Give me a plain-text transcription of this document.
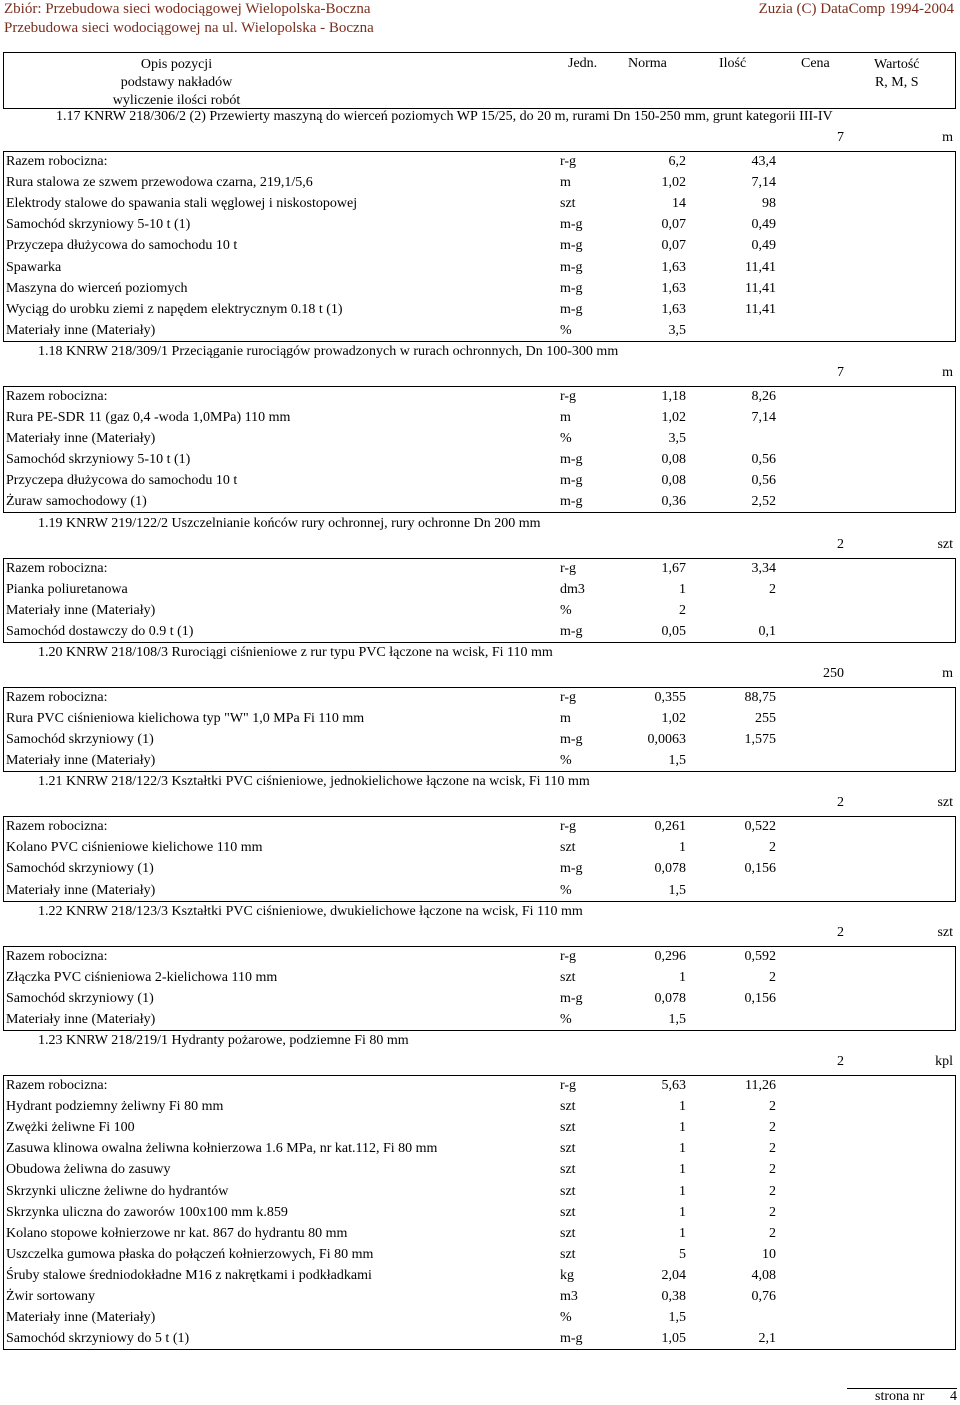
Zbiór: Przebudowa sieci wodociągowej Wielopolska-Boczna
Przebudowa sieci wodociągowej na ul. Wielopolska - Boczna
Zuzia (C) DataComp 1994-2004
Opis pozycji
podstawy nakładów
wyliczenie ilości robót
Jedn. Norma	Ilość	Cena	Wartość
R, M, S
1.17 KNRW 218/306/2 (2) Przewierty maszyną do wierceń poziomych WP 15/25, do 20 m, rurami Dn 150-250 mm, grunt kategorii III-IV
7	m
Razem robocizna:	r-g	6,2	43,4
Rura stalowa ze szwem przewodowa czarna, 219,1/5,6	m	1,02	7,14
Elektrody stalowe do spawania stali węglowej i niskostopowej	szt	14	98
Samochód skrzyniowy 5-10 t (1)	m-g	0,07	0,49
Przyczepa dłużycowa do samochodu 10 t	m-g	0,07	0,49
Spawarka	m-g	1,63	11,41
Maszyna do wierceń poziomych	m-g	1,63	11,41
Wyciąg do urobku ziemi z napędem elektrycznym 0.18 t (1)	m-g	1,63	11,41
Materiały inne (Materiały)	%	3,5
1.18 KNRW 218/309/1 Przeciąganie rurociągów prowadzonych w rurach ochronnych, Dn 100-300 mm
7	m
Razem robocizna:	r-g	1,18	8,26
Rura PE-SDR 11 (gaz 0,4 -woda 1,0MPa) 110 mm	m	1,02	7,14
Materiały inne (Materiały)	%	3,5
Samochód skrzyniowy 5-10 t (1)	m-g	0,08	0,56
Przyczepa dłużycowa do samochodu 10 t	m-g	0,08	0,56
Żuraw samochodowy (1)	m-g	0,36	2,52
1.19 KNRW 219/122/2 Uszczelnianie końców rury ochronnej, rury ochronne Dn 200 mm
2	szt
Razem robocizna:	r-g	1,67	3,34
Pianka poliuretanowa	dm3	1	2
Materiały inne (Materiały)	%	2
Samochód dostawczy do 0.9 t (1)	m-g	0,05	0,1
1.20 KNRW 218/108/3 Rurociągi ciśnieniowe z rur typu PVC łączone na wcisk, Fi 110 mm
250	m
Razem robocizna:	r-g	0,355	88,75
Rura PVC ciśnieniowa kielichowa typ "W" 1,0 MPa Fi 110 mm	m	1,02	255
Samochód skrzyniowy (1)	m-g	0,0063	1,575
Materiały inne (Materiały)	%	1,5
1.21 KNRW 218/122/3 Kształtki PVC ciśnieniowe, jednokielichowe łączone na wcisk, Fi 110 mm
2	szt
Razem robocizna:	r-g	0,261	0,522
Kolano PVC ciśnieniowe kielichowe 110 mm	szt	1	2
Samochód skrzyniowy (1)	m-g	0,078	0,156
Materiały inne (Materiały)	%	1,5
1.22 KNRW 218/123/3 Kształtki PVC ciśnieniowe, dwukielichowe łączone na wcisk, Fi 110 mm
2	szt
Razem robocizna:	r-g	0,296	0,592
Złączka PVC ciśnieniowa 2-kielichowa 110 mm	szt	1	2
Samochód skrzyniowy (1)	m-g	0,078	0,156
Materiały inne (Materiały)	%	1,5
1.23 KNRW 218/219/1 Hydranty pożarowe, podziemne Fi 80 mm
2	kpl
Razem robocizna:	r-g	5,63	11,26
Hydrant podziemny żeliwny Fi 80 mm	szt	1	2
Zwężki żeliwne Fi 100	szt	1	2
Zasuwa klinowa owalna żeliwna kołnierzowa 1.6 MPa, nr kat.112, Fi 80 mm	szt	1	2
Obudowa żeliwna do zasuwy	szt	1	2
Skrzynki uliczne żeliwne do hydrantów	szt	1	2
Skrzynka uliczna do zaworów 100x100 mm k.859	szt	1	2
Kolano stopowe kołnierzowe nr kat. 867 do hydrantu 80 mm	szt	1	2
Uszczelka gumowa płaska do połączeń kołnierzowych, Fi 80 mm	szt	5	10
Śruby stalowe średniodokładne M16 z nakrętkami i podkładkami	kg	2,04	4,08
Żwir sortowany	m3	0,38	0,76
Materiały inne (Materiały)	%	1,5
Samochód skrzyniowy do 5 t (1)	m-g	1,05	2,1
strona nr 4
